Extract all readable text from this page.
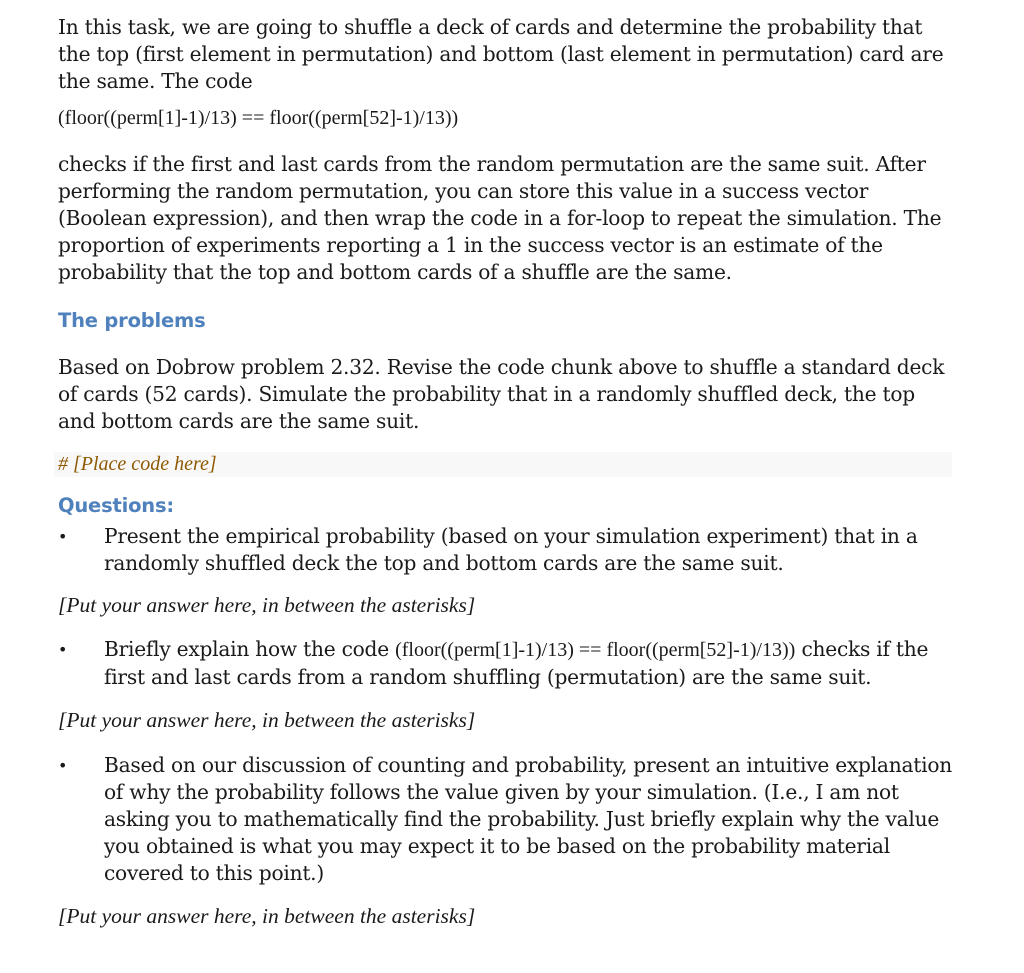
In this task, we are going to shuffle a deck of cards and determine the probability that the top (first element in permutation) and bottom (last element in permutation) card are the same. The code

(floor((perm[1]-1)/13) == floor((perm[52]-1)/13))

checks if the first and last cards from the random permutation are the same suit. After performing the random permutation, you can store this value in a success vector (Boolean expression), and then wrap the code in a for-loop to repeat the simulation. The proportion of experiments reporting a 1 in the success vector is an estimate of the probability that the top and bottom cards of a shuffle are the same.

The problems

Based on Dobrow problem 2.32. Revise the code chunk above to shuffle a standard deck of cards (52 cards). Simulate the probability that in a randomly shuffled deck, the top and bottom cards are the same suit.

# [Place code here]

Questions:

•	Present the empirical probability (based on your simulation experiment) that in a randomly shuffled deck the top and bottom cards are the same suit.

[Put your answer here, in between the asterisks]

•	Briefly explain how the code (floor((perm[1]-1)/13) == floor((perm[52]-1)/13)) checks if the first and last cards from a random shuffling (permutation) are the same suit.

[Put your answer here, in between the asterisks]

•	Based on our discussion of counting and probability, present an intuitive explanation of why the probability follows the value given by your simulation. (I.e., I am not asking you to mathematically find the probability. Just briefly explain why the value you obtained is what you may expect it to be based on the probability material covered to this point.)

[Put your answer here, in between the asterisks]
